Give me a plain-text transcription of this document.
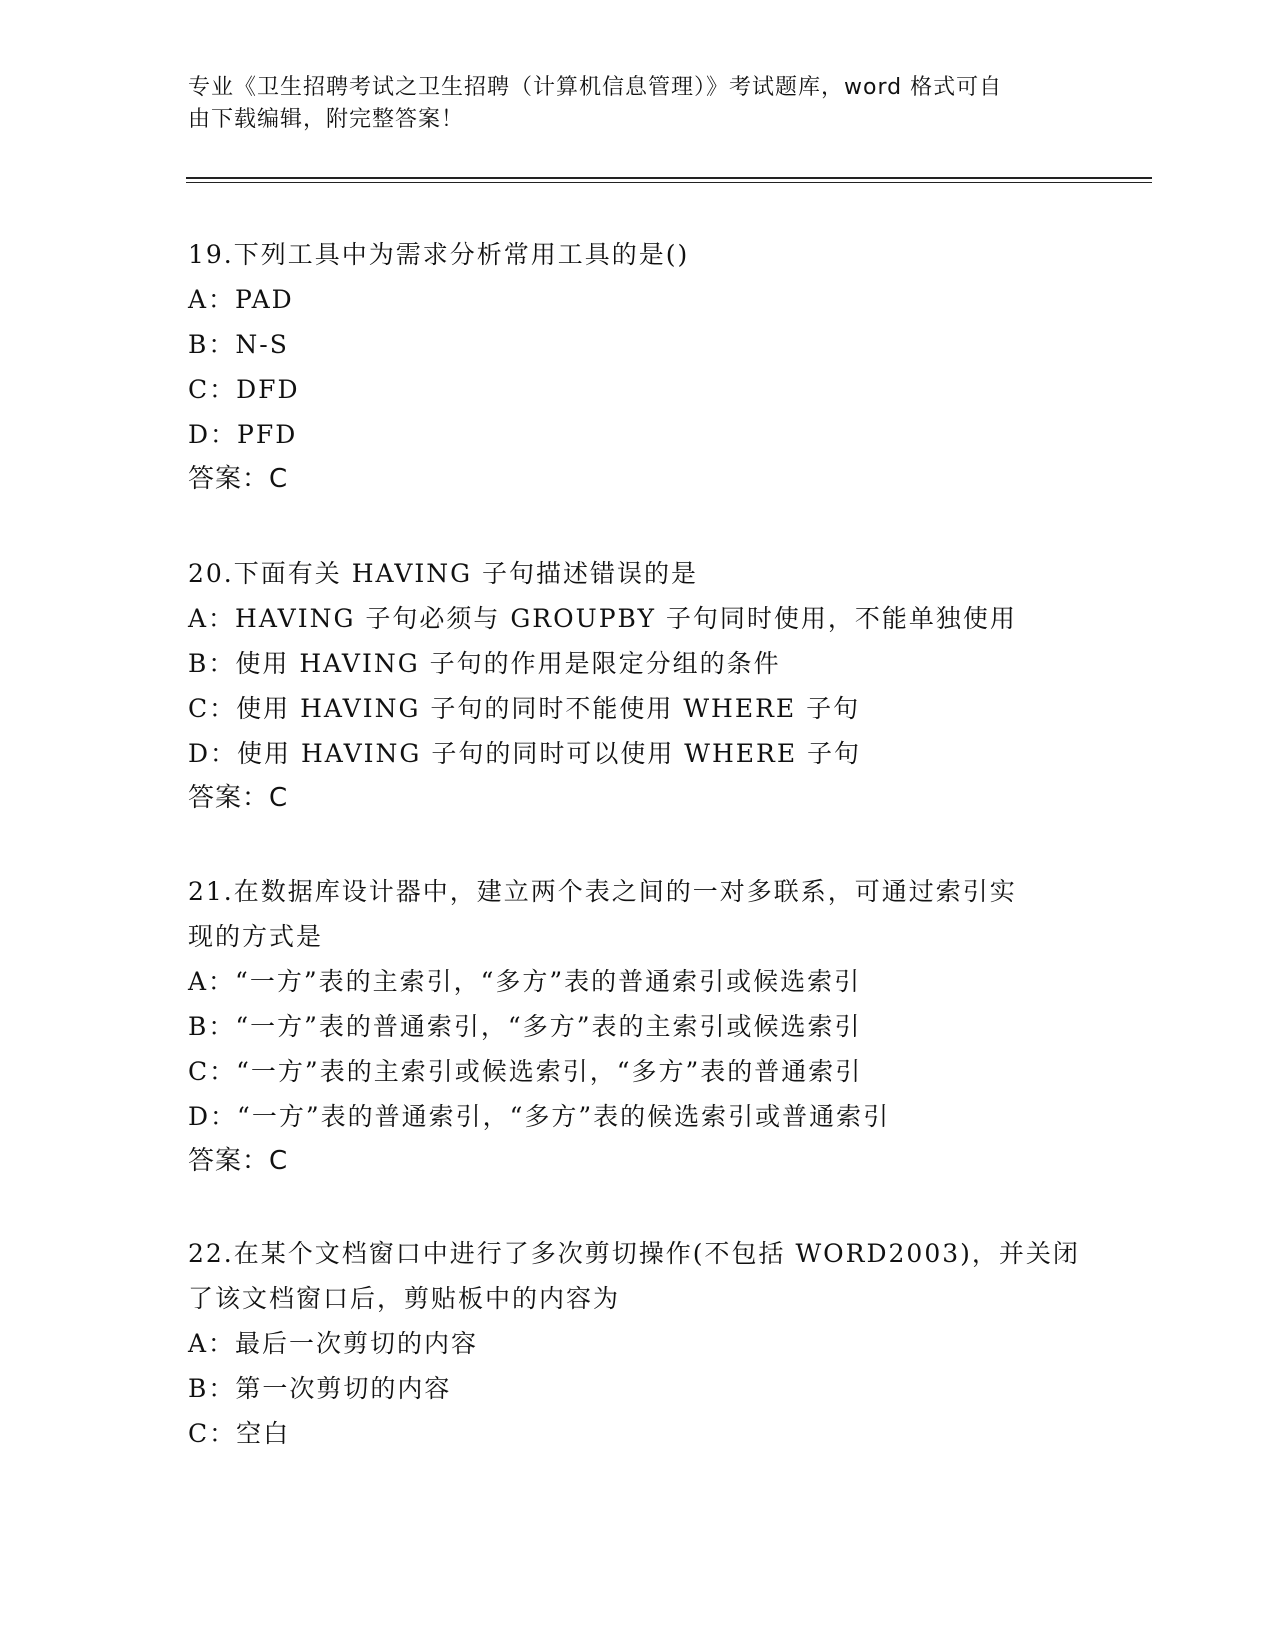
专业《卫生招聘考试之卫生招聘（计算机信息管理）》考试题库，word 格式可自
由下载编辑，附完整答案！
19.下列工具中为需求分析常用工具的是()
A：PAD
B：N-S
C：DFD
D：PFD
答案：C
20.下面有关 HAVING 子句描述错误的是
A：HAVING 子句必须与 GROUPBY 子句同时使用，不能单独使用
B：使用 HAVING 子句的作用是限定分组的条件
C：使用 HAVING 子句的同时不能使用 WHERE 子句
D：使用 HAVING 子句的同时可以使用 WHERE 子句
答案：C
21.在数据库设计器中，建立两个表之间的一对多联系，可通过索引实
现的方式是
A：“一方”表的主索引，“多方”表的普通索引或候选索引
B：“一方”表的普通索引，“多方”表的主索引或候选索引
C：“一方”表的主索引或候选索引，“多方”表的普通索引
D：“一方”表的普通索引，“多方”表的候选索引或普通索引
答案：C
22.在某个文档窗口中进行了多次剪切操作(不包括 WORD2003)，并关闭
了该文档窗口后，剪贴板中的内容为
A：最后一次剪切的内容
B：第一次剪切的内容
C：空白
